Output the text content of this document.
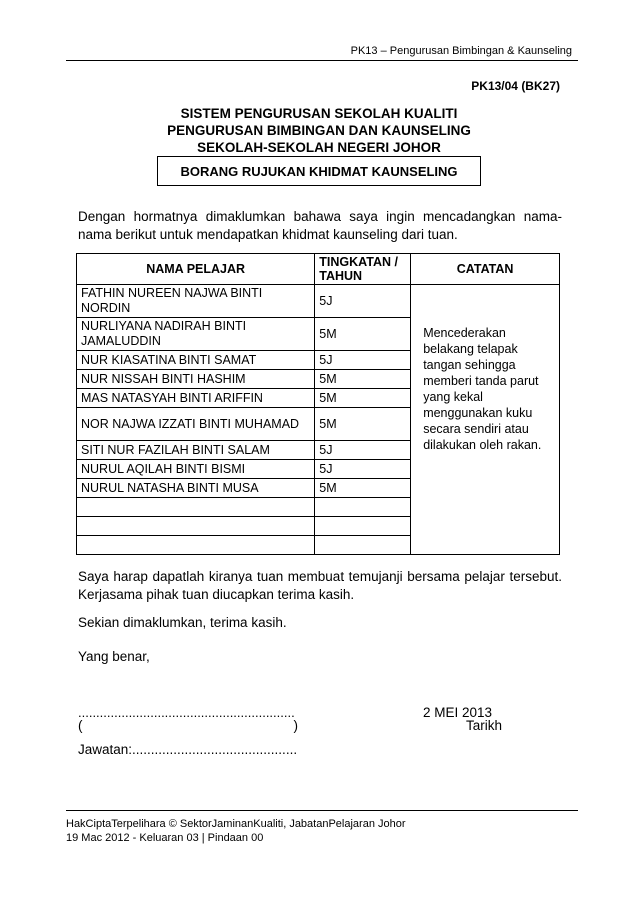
PK13 – Pengurusan Bimbingan & Kaunseling
PK13/04 (BK27)
SISTEM PENGURUSAN SEKOLAH KUALITI
PENGURUSAN BIMBINGAN DAN KAUNSELING
SEKOLAH-SEKOLAH NEGERI JOHOR
BORANG RUJUKAN KHIDMAT KAUNSELING
Dengan hormatnya dimaklumkan bahawa saya ingin mencadangkan nama-nama berikut untuk mendapatkan khidmat kaunseling dari tuan.
NAMA PELAJAR	TINGKATAN / TAHUN	CATATAN
FATHIN NUREEN NAJWA BINTI NORDIN	5J	Mencederakan belakang telapak tangan sehingga memberi tanda parut yang kekal menggunakan kuku secara sendiri atau dilakukan oleh rakan.
NURLIYANA NADIRAH BINTI JAMALUDDIN	5M	
NUR KIASATINA BINTI SAMAT	5J	
NUR NISSAH BINTI HASHIM	5M	
MAS NATASYAH BINTI ARIFFIN	5M	
NOR NAJWA IZZATI BINTI MUHAMAD	5M	
SITI NUR FAZILAH BINTI SALAM	5J	
NURUL AQILAH BINTI BISMI	5J	
NURUL NATASHA BINTI MUSA	5M	

Saya harap dapatlah kiranya tuan membuat temujanji bersama pelajar tersebut. Kerjasama pihak tuan diucapkan terima kasih.
Sekian dimaklumkan, terima kasih.
Yang benar,
............................................................
(	)
Jawatan:............................................
2 MEI 2013
Tarikh
HakCiptaTerpelihara © SektorJaminanKualiti, JabatanPelajaran Johor
19 Mac 2012 - Keluaran 03 | Pindaan 00
